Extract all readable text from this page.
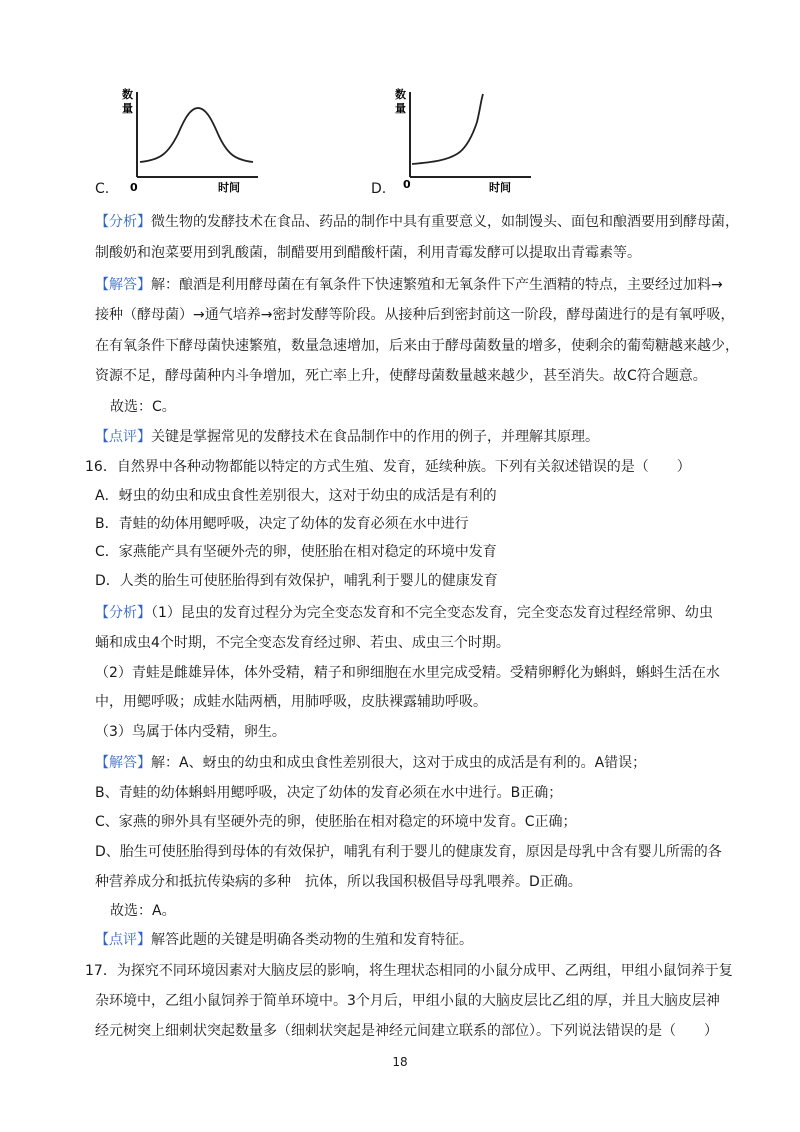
C.
数
量
0	时间	D.
数
量
0	时间
【分析】微生物的发酵技术在食品、药品的制作中具有重要意义，如制馒头、面包和酿酒要用到酵母菌，
制酸奶和泡菜要用到乳酸菌，制醋要用到醋酸杆菌，利用青霉发酵可以提取出青霉素等。
【解答】解：酿酒是利用酵母菌在有氧条件下快速繁殖和无氧条件下产生酒精的特点，主要经过加料→
接种（酵母菌）→通气培养→密封发酵等阶段。从接种后到密封前这一阶段，酵母菌进行的是有氧呼吸，
在有氧条件下酵母菌快速繁殖，数量急速增加，后来由于酵母菌数量的增多，使剩余的葡萄糖越来越少，
资源不足，酵母菌种内斗争增加，死亡率上升，使酵母菌数量越来越少，甚至消失。故C符合题意。
故选：C。
【点评】关键是掌握常见的发酵技术在食品制作中的作用的例子，并理解其原理。
16．自然界中各种动物都能以特定的方式生殖、发育，延续种族。下列有关叙述错误的是（　　）
A．蚜虫的幼虫和成虫食性差别很大，这对于幼虫的成活是有利的
B．青蛙的幼体用鳃呼吸，决定了幼体的发育必须在水中进行
C．家燕能产具有坚硬外壳的卵，使胚胎在相对稳定的环境中发育
D．人类的胎生可使胚胎得到有效保护，哺乳利于婴儿的健康发育
【分析】（1）昆虫的发育过程分为完全变态发育和不完全变态发育，完全变态发育过程经常卵、幼虫
蛹和成虫4个时期，不完全变态发育经过卵、若虫、成虫三个时期。
（2）青蛙是雌雄异体，体外受精，精子和卵细胞在水里完成受精。受精卵孵化为蝌蚪，蝌蚪生活在水
中，用鳃呼吸；成蛙水陆两栖，用肺呼吸，皮肤裸露辅助呼吸。
（3）鸟属于体内受精，卵生。
【解答】解：A、蚜虫的幼虫和成虫食性差别很大，这对于成虫的成活是有利的。A错误；
B、青蛙的幼体蝌蚪用鳃呼吸，决定了幼体的发育必须在水中进行。B正确；
C、家燕的卵外具有坚硬外壳的卵，使胚胎在相对稳定的环境中发育。C正确；
D、胎生可使胚胎得到母体的有效保护，哺乳有利于婴儿的健康发育，原因是母乳中含有婴儿所需的各
种营养成分和抵抗传染病的多种　抗体，所以我国积极倡导母乳喂养。D正确。
故选：A。
【点评】解答此题的关键是明确各类动物的生殖和发育特征。
17．为探究不同环境因素对大脑皮层的影响，将生理状态相同的小鼠分成甲、乙两组，甲组小鼠饲养于复
杂环境中，乙组小鼠饲养于简单环境中。3个月后，甲组小鼠的大脑皮层比乙组的厚，并且大脑皮层神
经元树突上细刺状突起数量多（细刺状突起是神经元间建立联系的部位）。下列说法错误的是（　　）
18
